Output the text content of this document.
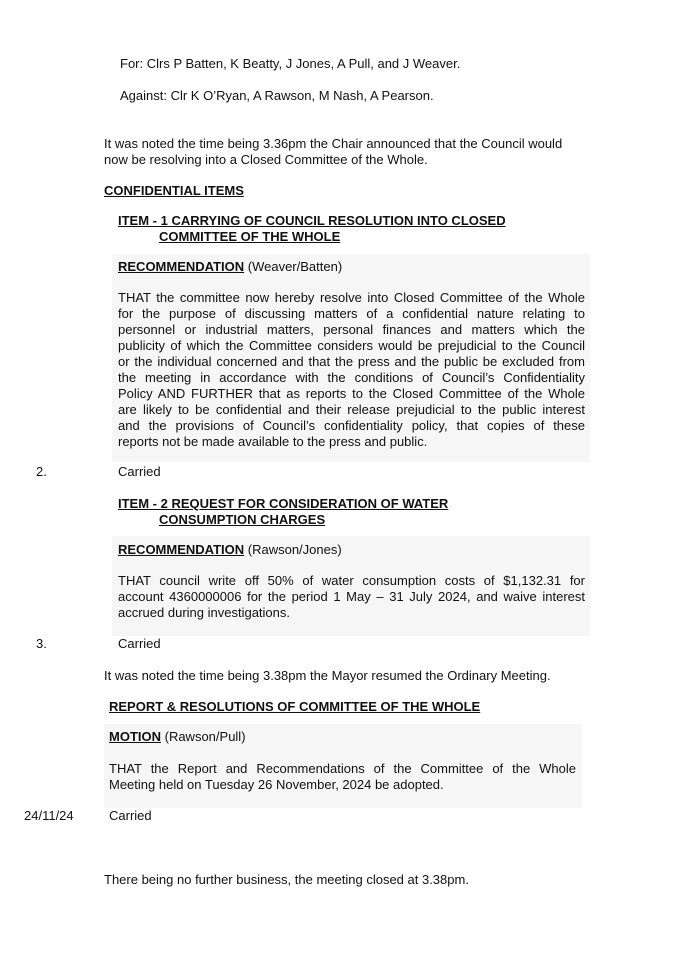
For: Clrs P Batten, K Beatty, J Jones, A Pull, and J Weaver.
Against: Clr K O’Ryan, A Rawson, M Nash, A Pearson.
It was noted the time being 3.36pm the Chair announced that the Council would
now be resolving into a Closed Committee of the Whole.
CONFIDENTIAL ITEMS
ITEM - 1 CARRYING OF COUNCIL RESOLUTION INTO CLOSED
COMMITTEE OF THE WHOLE
RECOMMENDATION (Weaver/Batten)
THAT the committee now hereby resolve into Closed Committee of the Whole
for the purpose of discussing matters of a confidential nature relating to
personnel or industrial matters, personal finances and matters which the
publicity of which the Committee considers would be prejudicial to the Council
or the individual concerned and that the press and the public be excluded from
the meeting in accordance with the conditions of Council’s Confidentiality
Policy AND FURTHER that as reports to the Closed Committee of the Whole
are likely to be confidential and their release prejudicial to the public interest
and the provisions of Council’s confidentiality policy, that copies of these
reports not be made available to the press and public.
2.	Carried
ITEM - 2 REQUEST FOR CONSIDERATION OF WATER
CONSUMPTION CHARGES
RECOMMENDATION (Rawson/Jones)
THAT council write off 50% of water consumption costs of $1,132.31 for
account 4360000006 for the period 1 May – 31 July 2024, and waive interest
accrued during investigations.
3.	Carried
It was noted the time being 3.38pm the Mayor resumed the Ordinary Meeting.
REPORT & RESOLUTIONS OF COMMITTEE OF THE WHOLE
MOTION (Rawson/Pull)
THAT the Report and Recommendations of the Committee of the Whole
Meeting held on Tuesday 26 November, 2024 be adopted.
24/11/24	Carried
There being no further business, the meeting closed at 3.38pm.
